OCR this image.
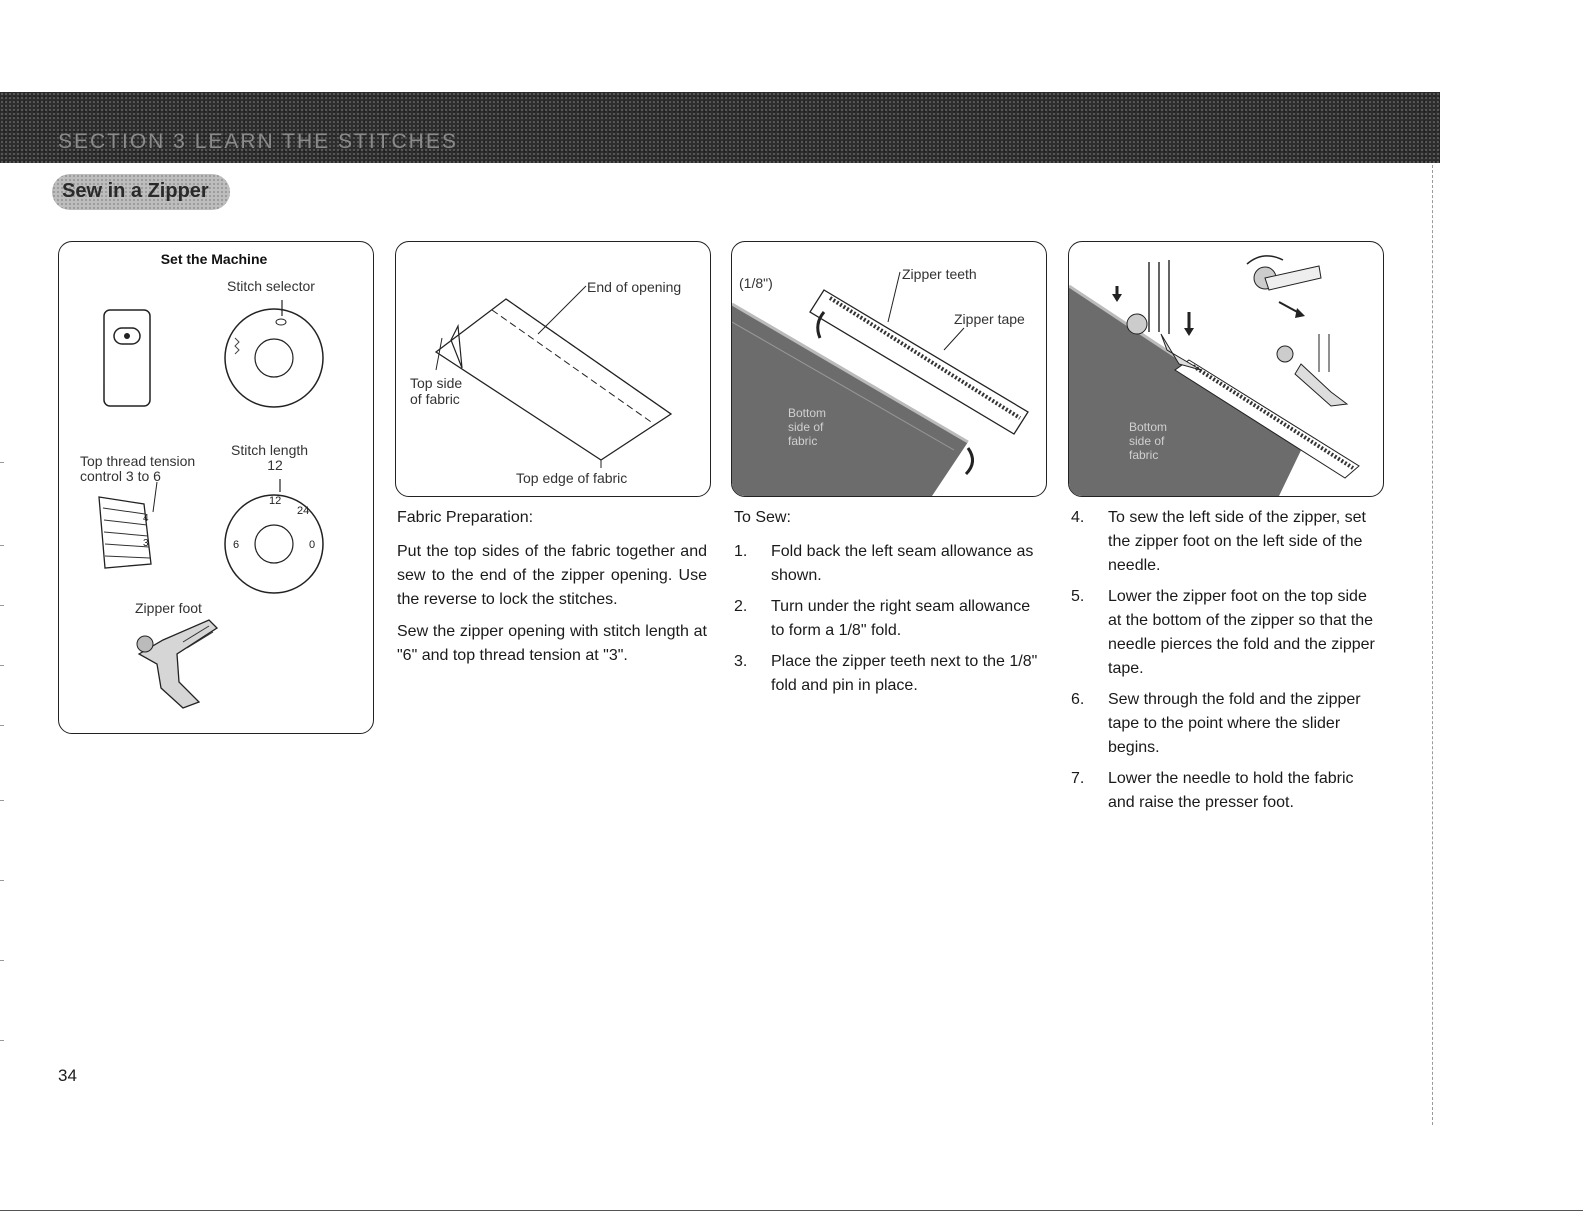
SECTION 3 LEARN THE STITCHES
Sew in a Zipper
12
6	0
24
4
3
Set the Machine
Stitch selector
Top thread tension
control 3 to 6
Stitch length
12
Zipper foot
End of opening
Top side
of fabric
Top edge of fabric
(1/8")
Zipper teeth
Zipper tape
Bottom
side of
fabric
Bottom
side of
fabric

Fabric Preparation:

Put the top sides of the fabric together and sew to the end of the zipper opening. Use the reverse to lock the stitches.

Sew the zipper opening with stitch length at "6" and top thread tension at "3".

To Sew:

1. Fold back the left seam allowance as shown.
2. Turn under the right seam allowance to form a 1/8" fold.
3. Place the zipper teeth next to the 1/8" fold and pin in place.
4. To sew the left side of the zipper, set the zipper foot on the left side of the needle.
5. Lower the zipper foot on the top side at the bottom of the zipper so that the needle pierces the fold and the zipper tape.
6. Sew through the fold and the zipper tape to the point where the slider begins.
7. Lower the needle to hold the fabric and raise the presser foot.
34
